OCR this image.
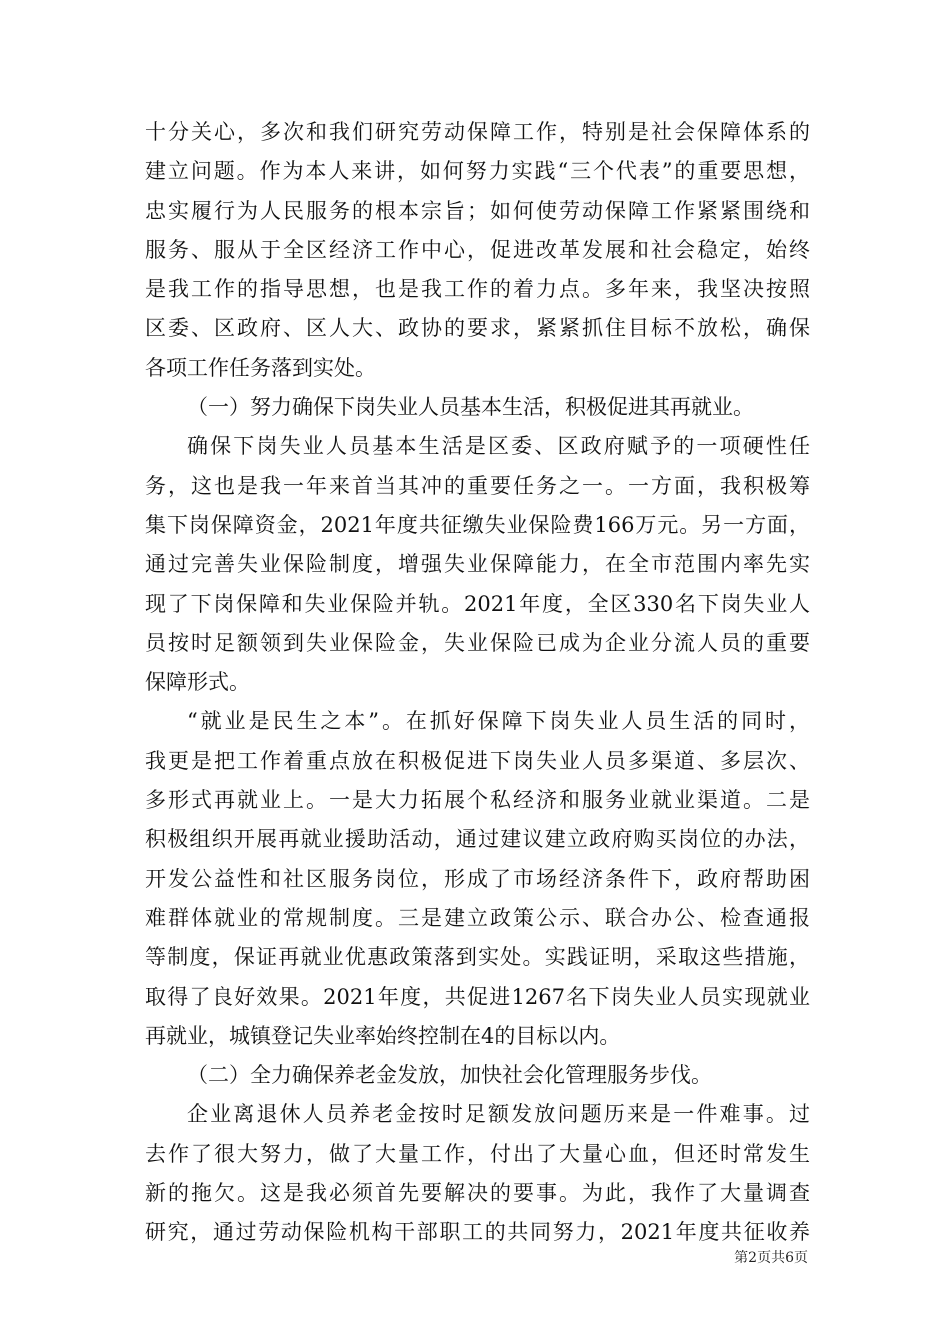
十分关心，多次和我们研究劳动保障工作，特别是社会保障体系的
建立问题。作为本人来讲，如何努力实践“三个代表”的重要思想，
忠实履行为人民服务的根本宗旨；如何使劳动保障工作紧紧围绕和
服务、服从于全区经济工作中心，促进改革发展和社会稳定，始终
是我工作的指导思想，也是我工作的着力点。多年来，我坚决按照
区委、区政府、区人大、政协的要求，紧紧抓住目标不放松，确保
各项工作任务落到实处。
（一）努力确保下岗失业人员基本生活，积极促进其再就业。
确保下岗失业人员基本生活是区委、区政府赋予的一项硬性任
务，这也是我一年来首当其冲的重要任务之一。一方面，我积极筹
集下岗保障资金，2021年度共征缴失业保险费166万元。另一方面，
通过完善失业保险制度，增强失业保障能力，在全市范围内率先实
现了下岗保障和失业保险并轨。2021年度，全区330名下岗失业人
员按时足额领到失业保险金，失业保险已成为企业分流人员的重要
保障形式。
“就业是民生之本”。在抓好保障下岗失业人员生活的同时，
我更是把工作着重点放在积极促进下岗失业人员多渠道、多层次、
多形式再就业上。一是大力拓展个私经济和服务业就业渠道。二是
积极组织开展再就业援助活动，通过建议建立政府购买岗位的办法，
开发公益性和社区服务岗位，形成了市场经济条件下，政府帮助困
难群体就业的常规制度。三是建立政策公示、联合办公、检查通报
等制度，保证再就业优惠政策落到实处。实践证明，采取这些措施，
取得了良好效果。2021年度，共促进1267名下岗失业人员实现就业
再就业，城镇登记失业率始终控制在4的目标以内。
（二）全力确保养老金发放，加快社会化管理服务步伐。
企业离退休人员养老金按时足额发放问题历来是一件难事。过
去作了很大努力，做了大量工作，付出了大量心血，但还时常发生
新的拖欠。这是我必须首先要解决的要事。为此，我作了大量调查
研究，通过劳动保险机构干部职工的共同努力，2021年度共征收养
第2页共6页
